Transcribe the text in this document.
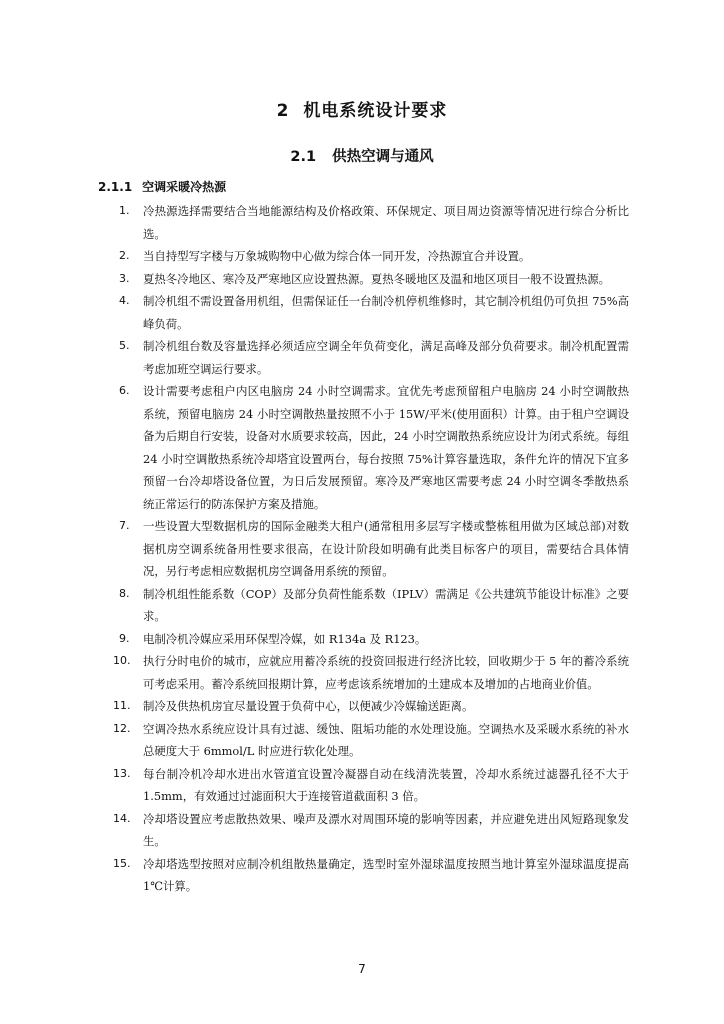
2 机电系统设计要求
2.1 供热空调与通风
2.1.1 空调采暖冷热源
1.	冷热源选择需要结合当地能源结构及价格政策、环保规定、项目周边资源等情况进行综合分析比选。
2.	当自持型写字楼与万象城购物中心做为综合体一同开发，冷热源宜合并设置。
3.	夏热冬冷地区、寒冷及严寒地区应设置热源。夏热冬暖地区及温和地区项目一般不设置热源。
4.	制冷机组不需设置备用机组，但需保证任一台制冷机停机维修时，其它制冷机组仍可负担 75%高峰负荷。
5.	制冷机组台数及容量选择必须适应空调全年负荷变化，满足高峰及部分负荷要求。制冷机配置需考虑加班空调运行要求。
6.	设计需要考虑租户内区电脑房 24 小时空调需求。宜优先考虑预留租户电脑房 24 小时空调散热系统，预留电脑房 24 小时空调散热量按照不小于 15W/平米(使用面积）计算。由于租户空调设备为后期自行安装，设备对水质要求较高，因此，24 小时空调散热系统应设计为闭式系统。每组 24 小时空调散热系统冷却塔宜设置两台，每台按照 75%计算容量选取，条件允许的情况下宜多预留一台冷却塔设备位置，为日后发展预留。寒冷及严寒地区需要考虑 24 小时空调冬季散热系统正常运行的防冻保护方案及措施。
7.	一些设置大型数据机房的国际金融类大租户(通常租用多层写字楼或整栋租用做为区域总部)对数据机房空调系统备用性要求很高，在设计阶段如明确有此类目标客户的项目，需要结合具体情况，另行考虑相应数据机房空调备用系统的预留。
8.	制冷机组性能系数（COP）及部分负荷性能系数（IPLV）需满足《公共建筑节能设计标准》之要求。
9.	电制冷机冷媒应采用环保型冷媒，如 R134a 及 R123。
10.	执行分时电价的城市，应就应用蓄冷系统的投资回报进行经济比较，回收期少于 5 年的蓄冷系统可考虑采用。蓄冷系统回报期计算，应考虑该系统增加的土建成本及增加的占地商业价值。
11.	制冷及供热机房宜尽量设置于负荷中心，以便减少冷媒输送距离。
12.	空调冷热水系统应设计具有过滤、缓蚀、阻垢功能的水处理设施。空调热水及采暖水系统的补水总硬度大于 6mmol/L 时应进行软化处理。
13.	每台制冷机冷却水进出水管道宜设置冷凝器自动在线清洗装置，冷却水系统过滤器孔径不大于 1.5mm，有效通过过滤面积大于连接管道截面积 3 倍。
14.	冷却塔设置应考虑散热效果、噪声及漂水对周围环境的影响等因素，并应避免进出风短路现象发生。
15.	冷却塔选型按照对应制冷机组散热量确定，选型时室外湿球温度按照当地计算室外湿球温度提高 1℃计算。
7
